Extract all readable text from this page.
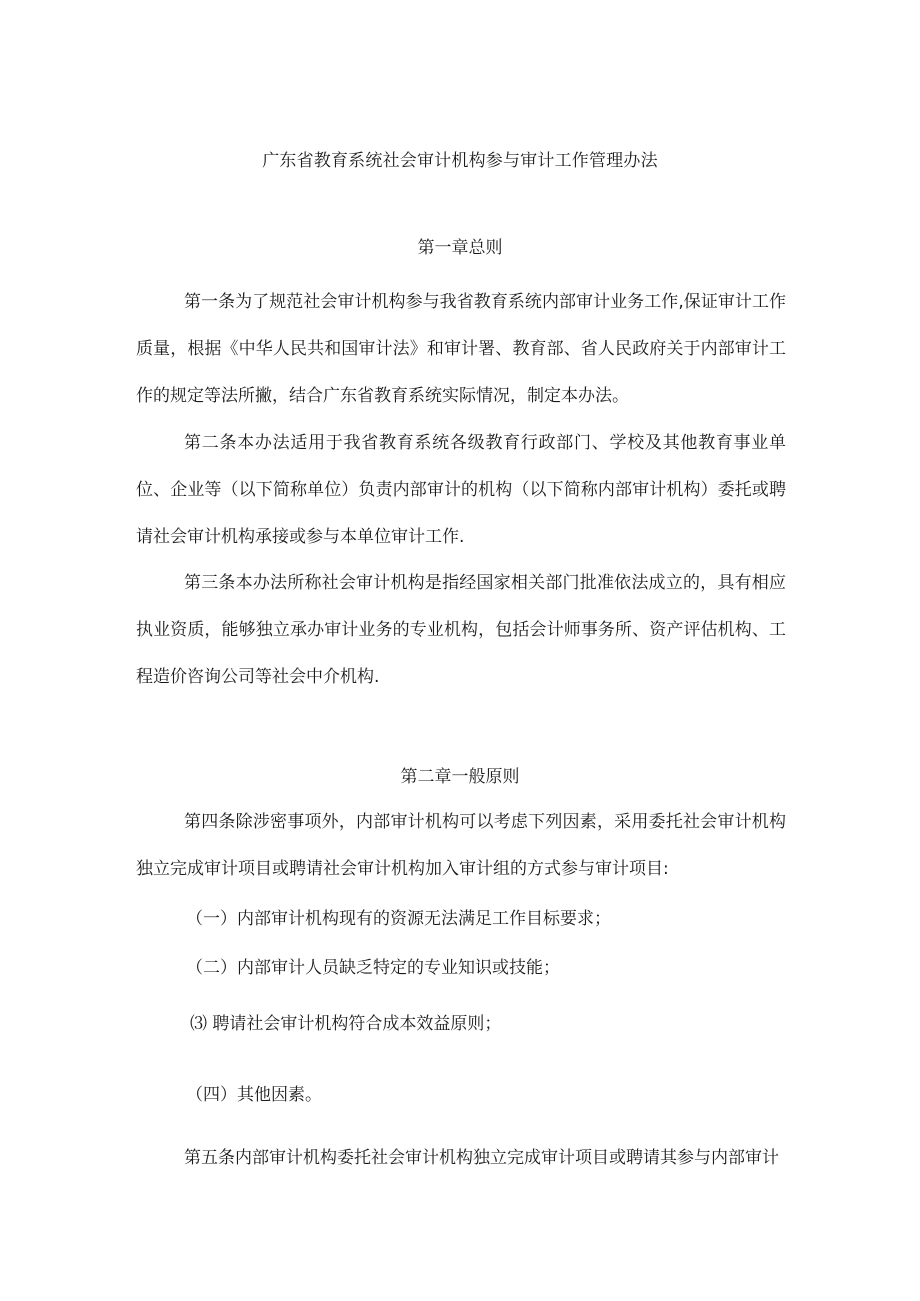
广东省教育系统社会审计机构参与审计工作管理办法
第一章总则
第一条为了规范社会审计机构参与我省教育系统内部审计业务工作,保证审计工作质量，根据《中华人民共和国审计法》和审计署、教育部、省人民政府关于内部审计工作的规定等法所撇，结合广东省教育系统实际情况，制定本办法。
第二条本办法适用于我省教育系统各级教育行政部门、学校及其他教育事业单位、企业等（以下简称单位）负责内部审计的机构（以下简称内部审计机构）委托或聘请社会审计机构承接或参与本单位审计工作.
第三条本办法所称社会审计机构是指经国家相关部门批准依法成立的，具有相应执业资质，能够独立承办审计业务的专业机构，包括会计师事务所、资产评估机构、工程造价咨询公司等社会中介机构.
第二章一般原则
第四条除涉密事项外，内部审计机构可以考虑下列因素，采用委托社会审计机构独立完成审计项目或聘请社会审计机构加入审计组的方式参与审计项目:
（一）内部审计机构现有的资源无法满足工作目标要求；
（二）内部审计人员缺乏特定的专业知识或技能；
⑶ 聘请社会审计机构符合成本效益原则；
（四）其他因素。
第五条内部审计机构委托社会审计机构独立完成审计项目或聘请其参与内部审计
